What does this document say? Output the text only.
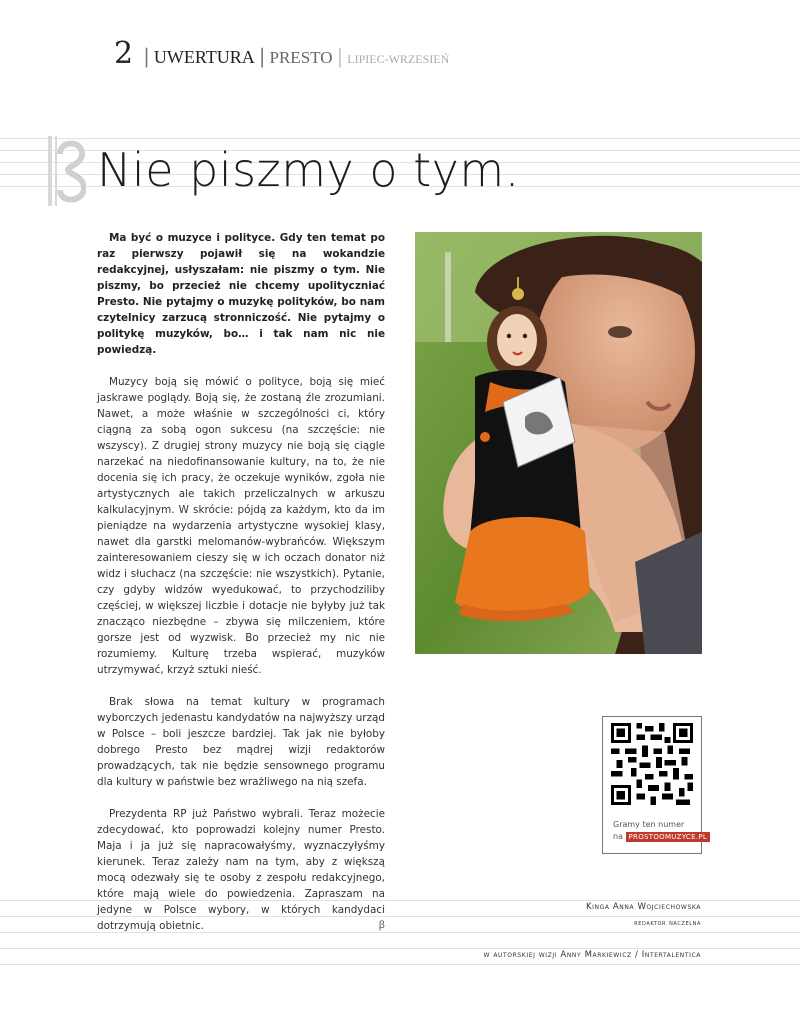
2 | UWERTURA | PRESTO | LIPIEC-WRZESIEŃ
Nie piszmy o tym.

Ma być o muzyce i polityce. Gdy ten temat po raz pierwszy pojawił się na wokandzie redakcyjnej, usłyszałam: nie piszmy o tym. Nie piszmy, bo przecież nie chcemy upolityczniać Presto. Nie pytajmy o muzykę polityków, bo nam czytelnicy zarzucą stronniczość. Nie pytajmy o politykę muzyków, bo… i tak nam nic nie powiedzą.

Muzycy boją się mówić o polityce, boją się mieć jaskrawe poglądy. Boją się, że zostaną źle zrozumiani. Nawet, a może właśnie w szczególności ci, który ciągną za sobą ogon sukcesu (na szczęście: nie wszyscy). Z drugiej strony muzycy nie boją się ciągle narzekać na niedofinansowanie kultury, na to, że nie docenia się ich pracy, że oczekuje wyników, zgoła nie artystycznych ale takich przeliczalnych w arkuszu kalkulacyjnym. W skrócie: pójdą za każdym, kto da im pieniądze na wydarzenia artystyczne wysokiej klasy, nawet dla garstki melomanów-wybrańców. Większym zainteresowaniem cieszy się w ich oczach donator niż widz i słuchacz (na szczęście: nie wszystkich). Pytanie, czy gdyby widzów wyedukować, to przychodziliby częściej, w większej liczbie i dotacje nie byłyby już tak znacząco niezbędne – zbywa się milczeniem, które gorsze jest od wyzwisk. Bo przecież my nic nie rozumiemy. Kulturę trzeba wspierać, muzyków utrzymywać, krzyż sztuki nieść.

Brak słowa na temat kultury w programach wyborczych jedenastu kandydatów na najwyższy urząd w Polsce – boli jeszcze bardziej. Tak jak nie byłoby dobrego Presto bez mądrej wizji redaktorów prowadzących, tak nie będzie sensownego programu dla kultury w państwie bez wrażliwego na nią szefa.

Prezydenta RP już Państwo wybrali. Teraz możecie zdecydować, kto poprowadzi kolejny numer Presto. Maja i ja już się napracowałyśmy, wyznaczyłyśmy kierunek. Teraz zależy nam na tym, aby z większą mocą odezwały się te osoby z zespołu redakcyjnego, które mają wiele do powiedzenia. Zapraszam na jedyne w Polsce wybory, w których kandydaci dotrzymują obietnic.	ꞵ

Gramy ten numer
na PROSTOOMUZYCE.PL
Kinga Anna Wojciechowska
redaktor naczelna
w autorskiej wizji Anny Markiewicz / Intertalentica
